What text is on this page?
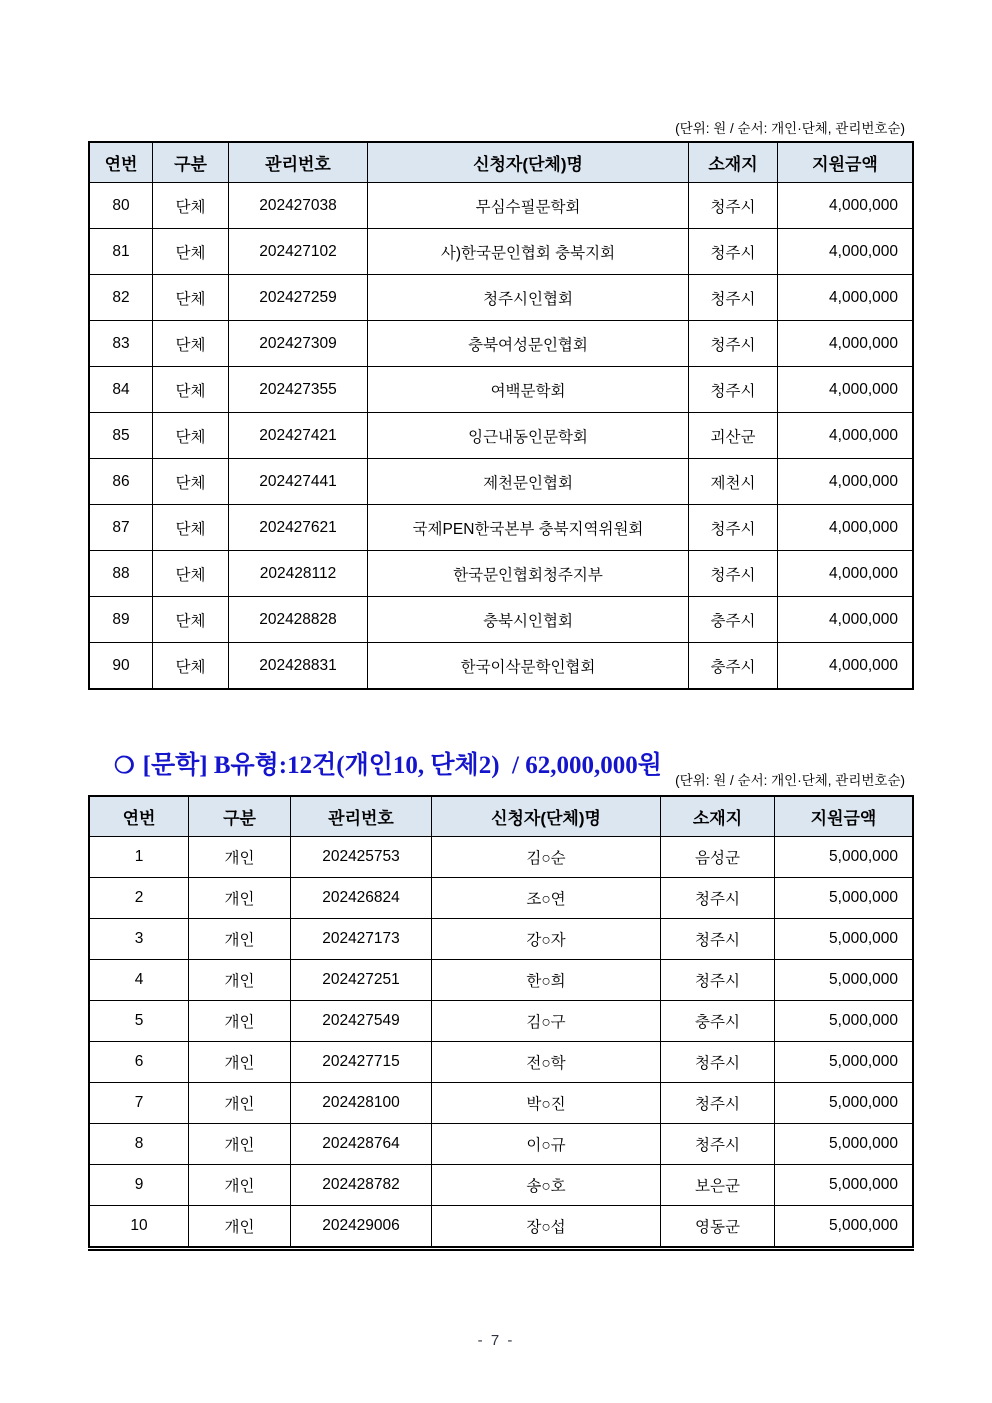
(단위: 원 / 순서: 개인·단체, 관리번호순)
연번	구분	관리번호	신청자(단체)명	소재지	지원금액
80	단체	202427038	무심수필문학회	청주시	4,000,000
81	단체	202427102	사)한국문인협회 충북지회	청주시	4,000,000
82	단체	202427259	청주시인협회	청주시	4,000,000
83	단체	202427309	충북여성문인협회	청주시	4,000,000
84	단체	202427355	여백문학회	청주시	4,000,000
85	단체	202427421	잉근내동인문학회	괴산군	4,000,000
86	단체	202427441	제천문인협회	제천시	4,000,000
87	단체	202427621	국제PEN한국본부 충북지역위원회	청주시	4,000,000
88	단체	202428112	한국문인협회청주지부	청주시	4,000,000
89	단체	202428828	충북시인협회	충주시	4,000,000
90	단체	202428831	한국이삭문학인협회	충주시	4,000,000

❍ [문학] B유형:12건(개인10, 단체2)  / 62,000,000원

(단위: 원 / 순서: 개인·단체, 관리번호순)
연번	구분	관리번호	신청자(단체)명	소재지	지원금액
1	개인	202425753	김○순	음성군	5,000,000
2	개인	202426824	조○연	청주시	5,000,000
3	개인	202427173	강○자	청주시	5,000,000
4	개인	202427251	한○희	청주시	5,000,000
5	개인	202427549	김○구	충주시	5,000,000
6	개인	202427715	전○학	청주시	5,000,000
7	개인	202428100	박○진	청주시	5,000,000
8	개인	202428764	이○규	청주시	5,000,000
9	개인	202428782	송○호	보은군	5,000,000
10	개인	202429006	장○섭	영동군	5,000,000
- 7 -
